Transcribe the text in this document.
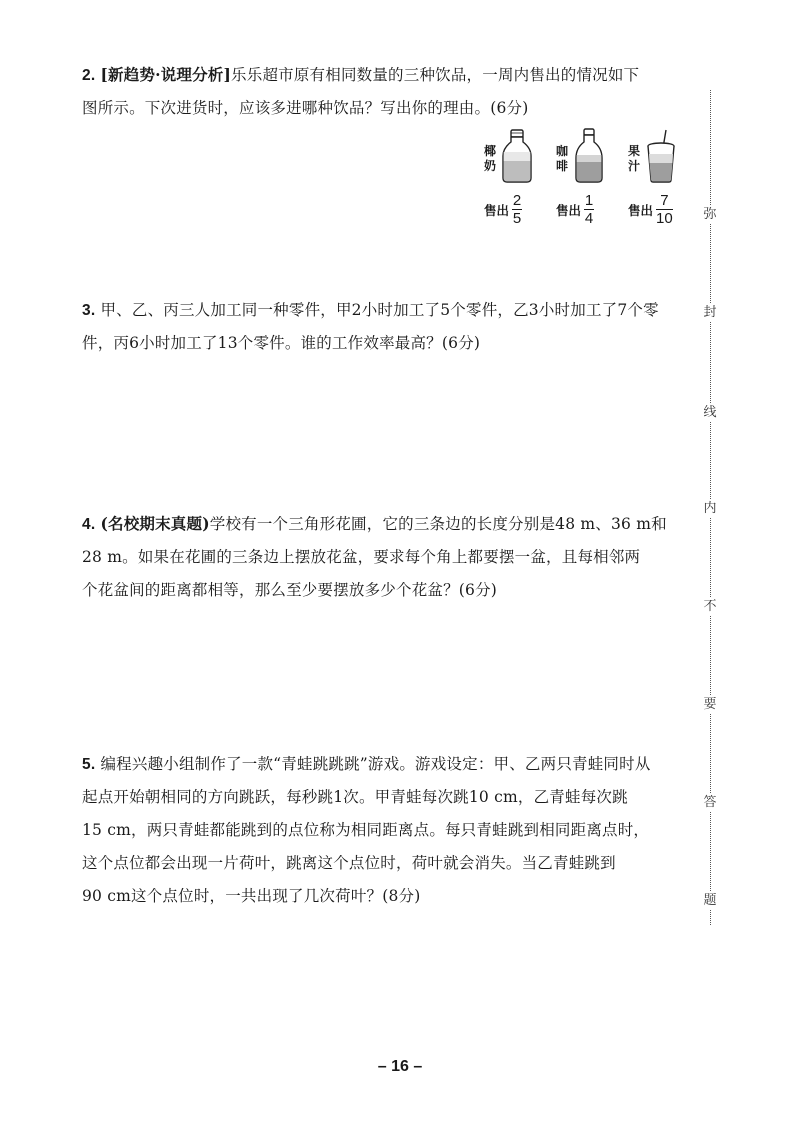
2. [新趋势·说理分析]乐乐超市原有相同数量的三种饮品，一周内售出的情况如下
图所示。下次进货时，应该多进哪种饮品？写出你的理由。(6分)
椰
奶
售出 $\frac{2}{5}$
咖
啡
售出 $\frac{1}{4}$
果
汁
售出 $\frac{7}{10}$
3. 甲、乙、丙三人加工同一种零件，甲2小时加工了5个零件，乙3小时加工了7个零
件，丙6小时加工了13个零件。谁的工作效率最高？(6分)
4. (名校期末真题)学校有一个三角形花圃，它的三条边的长度分别是48 m、36 m和
28 m。如果在花圃的三条边上摆放花盆，要求每个角上都要摆一盆，且每相邻两
个花盆间的距离都相等，那么至少要摆放多少个花盆？(6分)
5. 编程兴趣小组制作了一款“青蛙跳跳跳”游戏。游戏设定：甲、乙两只青蛙同时从
起点开始朝相同的方向跳跃，每秒跳1次。甲青蛙每次跳10 cm，乙青蛙每次跳
15 cm，两只青蛙都能跳到的点位称为相同距离点。每只青蛙跳到相同距离点时，
这个点位都会出现一片荷叶，跳离这个点位时，荷叶就会消失。当乙青蛙跳到
90 cm这个点位时，一共出现了几次荷叶？(8分)
弥
封
线
内
不
要
答
题
– 16 –
